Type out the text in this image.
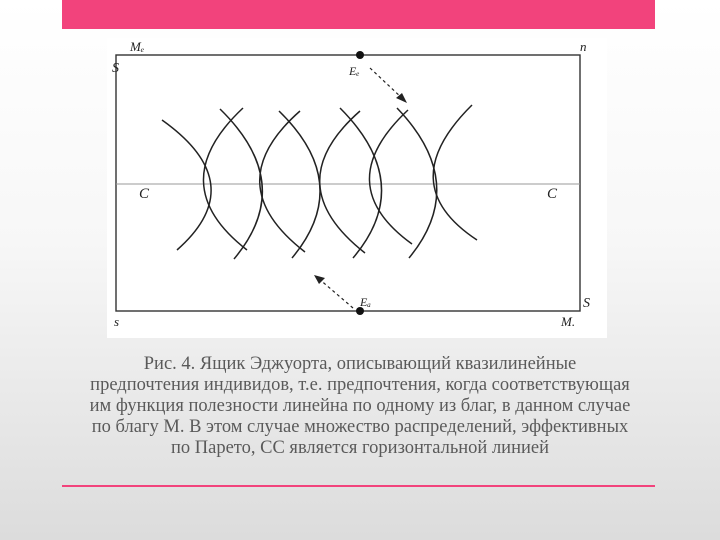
Mₑ	n
S
S
s	M.
C	C
Eₑ
Eₐ
Рис. 4. Ящик Эджуорта, описывающий квазилинейные
предпочтения индивидов, т.е. предпочтения, когда соответствующая
им функция полезности линейна по одному из благ, в данном случае
по благу М. В этом случае множество распределений, эффективных
по Парето, СС является горизонтальной линией
